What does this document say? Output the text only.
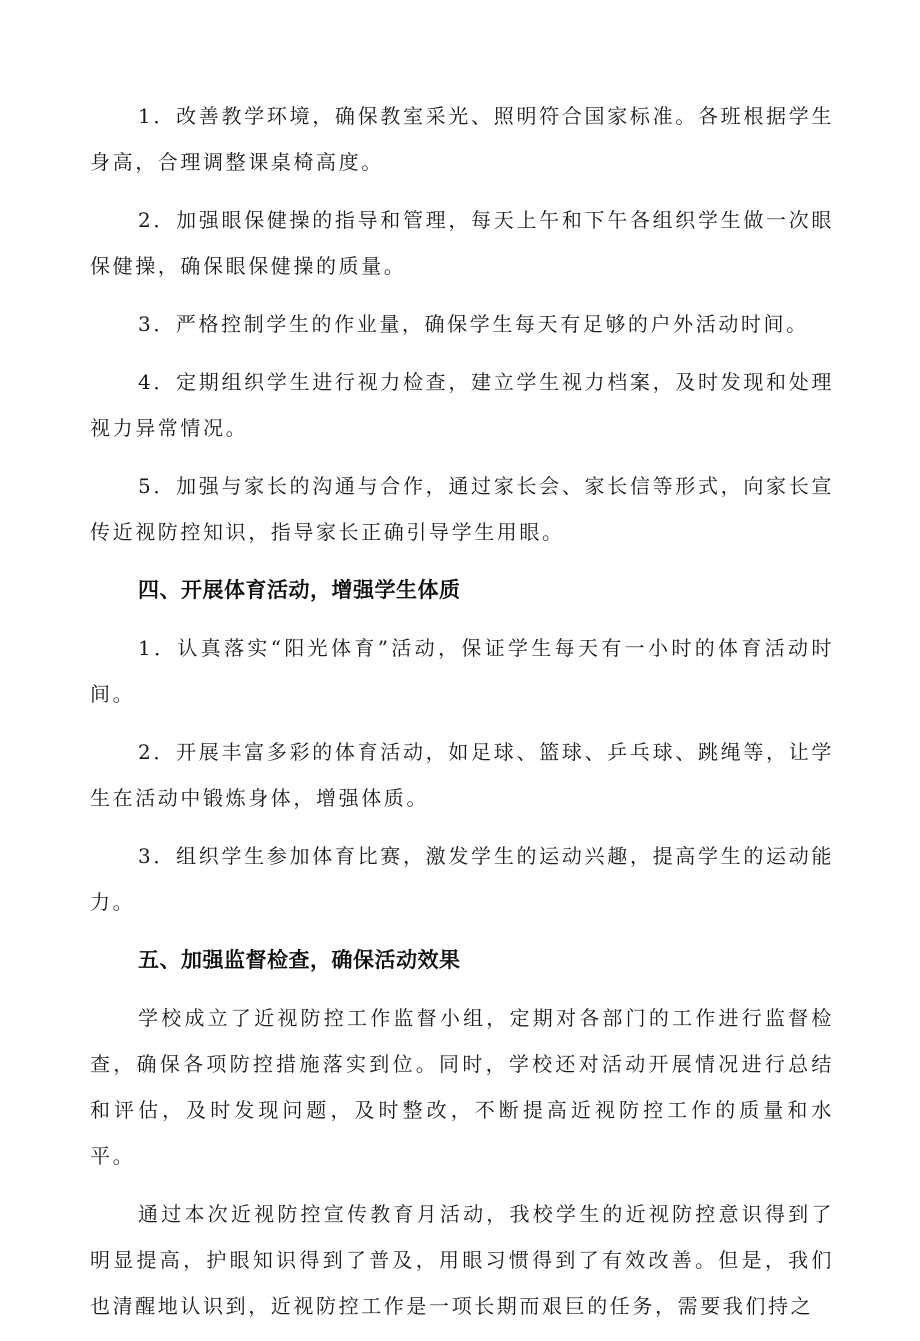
1．改善教学环境，确保教室采光、照明符合国家标准。各班根据学生身高，合理调整课桌椅高度。

2．加强眼保健操的指导和管理，每天上午和下午各组织学生做一次眼保健操，确保眼保健操的质量。

3．严格控制学生的作业量，确保学生每天有足够的户外活动时间。

4．定期组织学生进行视力检查，建立学生视力档案，及时发现和处理视力异常情况。

5．加强与家长的沟通与合作，通过家长会、家长信等形式，向家长宣传近视防控知识，指导家长正确引导学生用眼。

四、开展体育活动，增强学生体质

1．认真落实“阳光体育”活动，保证学生每天有一小时的体育活动时间。

2．开展丰富多彩的体育活动，如足球、篮球、乒乓球、跳绳等，让学生在活动中锻炼身体，增强体质。

3．组织学生参加体育比赛，激发学生的运动兴趣，提高学生的运动能力。

五、加强监督检查，确保活动效果

学校成立了近视防控工作监督小组，定期对各部门的工作进行监督检查，确保各项防控措施落实到位。同时，学校还对活动开展情况进行总结和评估，及时发现问题，及时整改，不断提高近视防控工作的质量和水平。

通过本次近视防控宣传教育月活动，我校学生的近视防控意识得到了明显提高，护眼知识得到了普及，用眼习惯得到了有效改善。但是，我们也清醒地认识到，近视防控工作是一项长期而艰巨的任务，需要我们持之
